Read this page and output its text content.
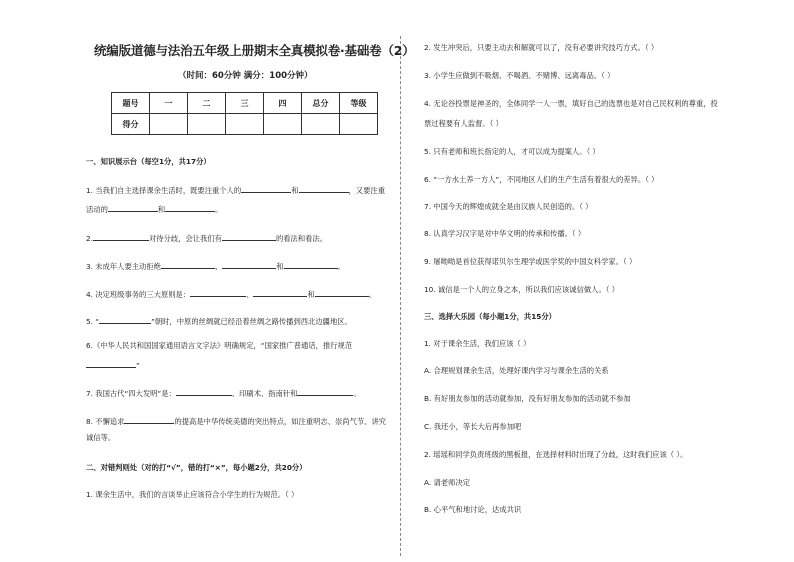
统编版道德与法治五年级上册期末全真模拟卷·基础卷（2）
（时间：60分钟 满分：100分钟）
题号	一	二	三	四	总分	等级
得分						
一、知识展示台（每空1分，共17分）
1. 当我们自主选择课余生活时，既要注重个人的	和	，又要注重
活动的	和	。
2.	对待分歧，会让我们有	的看法和看法。
3. 未成年人要主动拒绝	、	和	。
4. 决定班级事务的三大原则是：	、	和	。
5. “	”朝时，中原的丝绸就已经沿着丝绸之路传播到西北边疆地区。
6.《中华人民共和国国家通用语言文字法》明确规定，“国家推广普通话，推行规范
”
7. 我国古代“四大发明”是：	、印刷术、指南针和	。
8. 不懈追求	的提高是中华传统美德的突出特点，如注重明志、崇尚气节、讲究
诚信等。
二、对错判则处（对的打“√”，错的打“×”，每小题2分，共20分）
1. 课余生活中，我们的言谈举止应该符合小学生的行为规范。（ ）
2. 发生冲突后，只要主动去和解就可以了，没有必要讲究技巧方式。（ ）
3. 小学生应做到不吸烟、不喝酒、不赌博、远离毒品。（ ）
4. 无论谷投票是神圣的，全体同学一人一票，填好自己的选票也是对自己民权利的尊重，投
票过程要有人监督。（ ）
5. 只有老师和班长指定的人，才可以成为提案人。（ ）
6. “一方水土养一方人”，不同地区人们的生产生活有着很大的差异。（ ）
7. 中国今天的辉煌成就全是由汉族人民创造的。（ ）
8. 认真学习汉字是对中华文明的传承和传播。（ ）
9. 屠呦呦是首位获得诺贝尔生理学或医学奖的中国女科学家。（ ）
10. 诚信是一个人的立身之本，所以我们应该诚信做人。（ ）
三、选择大乐园（每小题1分，共15分）
1. 对于课余生活，我们应该（ ）
A. 合理规划课余生活，处理好课内学习与课余生活的关系
B. 有好朋友参加的活动就参加，没有好朋友参加的活动就不参加
C. 我还小，等长大后再参加吧
2. 瑶瑶和同学负责班级的黑板报，在选择材料时出现了分歧，这时我们应该（ ）。
A. 请老师决定
B. 心平气和地讨论，达成共识
